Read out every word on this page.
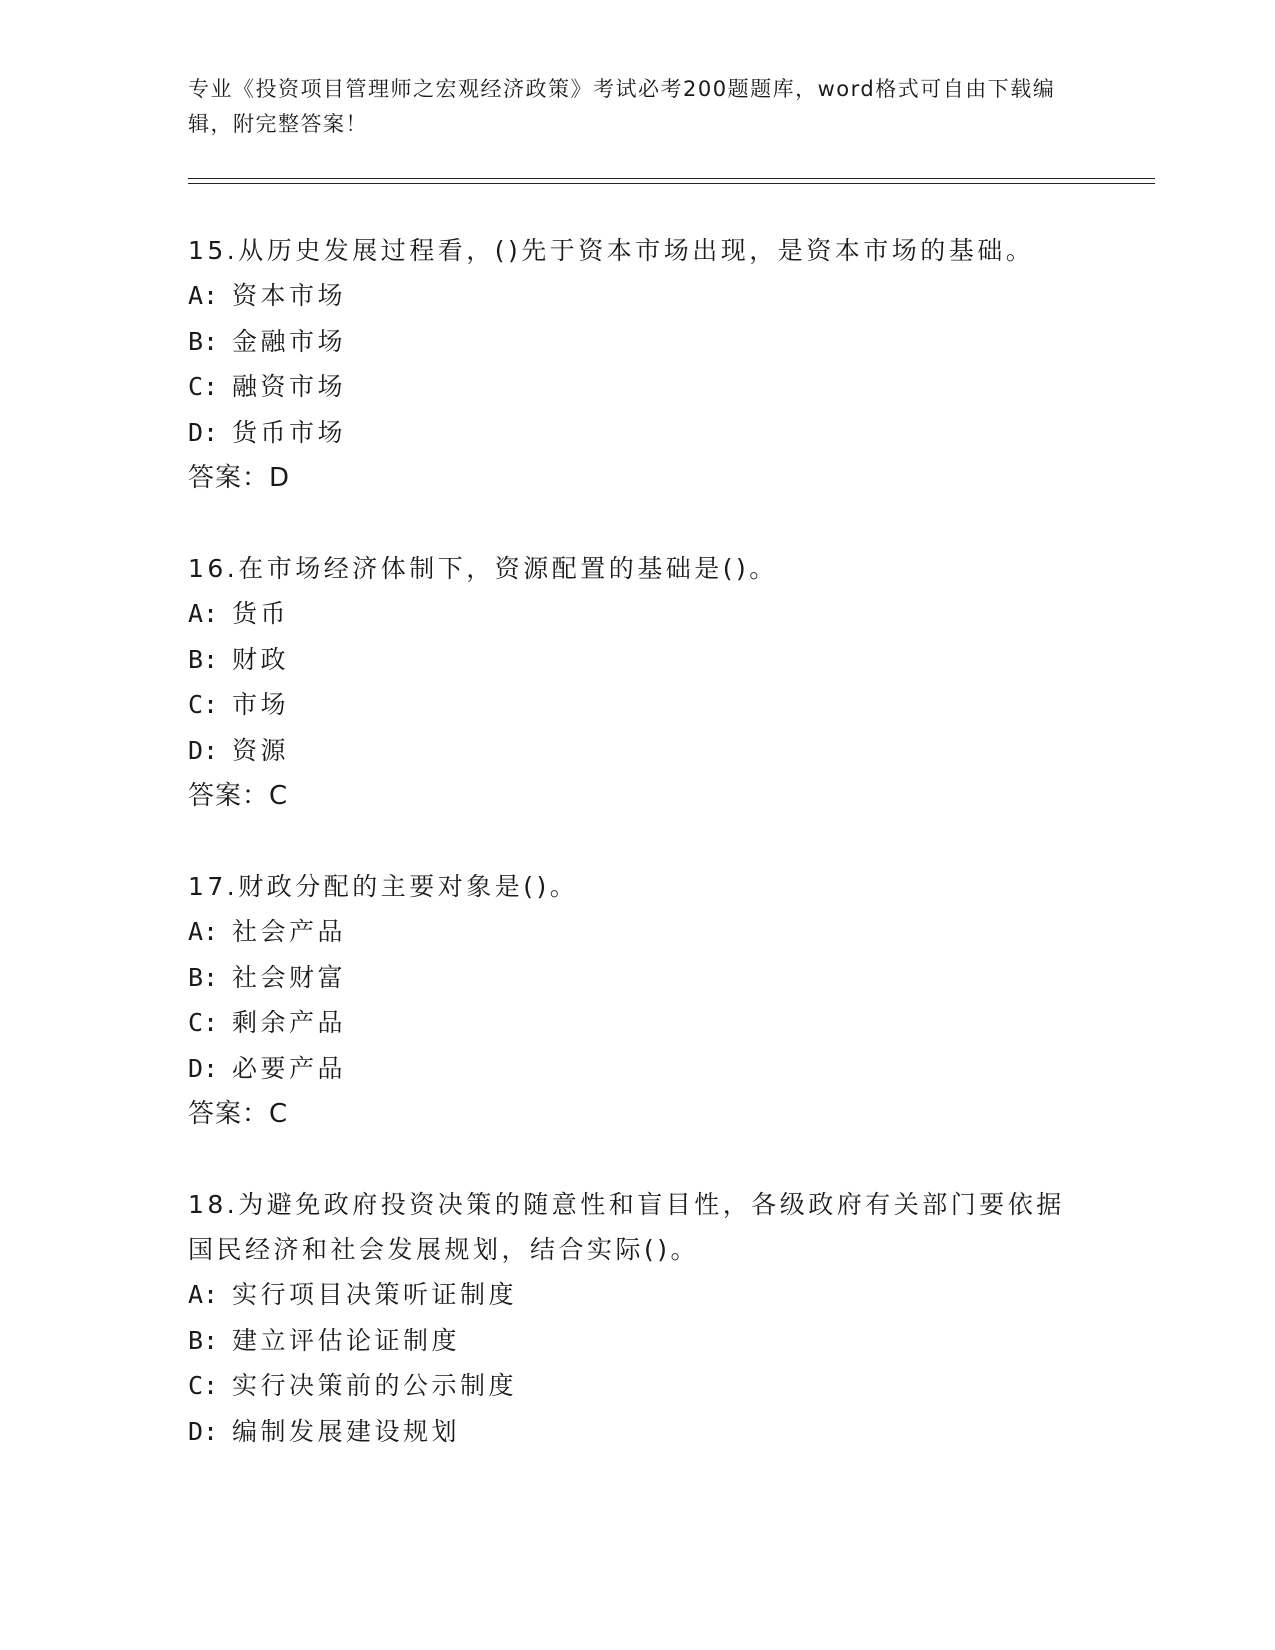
专业《投资项目管理师之宏观经济政策》考试必考200题题库，word格式可自由下载编辑，附完整答案！

15.从历史发展过程看，()先于资本市场出现，是资本市场的基础。

A: 资本市场

B: 金融市场

C: 融资市场

D: 货币市场

答案：D

16.在市场经济体制下，资源配置的基础是()。

A: 货币

B: 财政

C: 市场

D: 资源

答案：C

17.财政分配的主要对象是()。

A: 社会产品

B: 社会财富

C: 剩余产品

D: 必要产品

答案：C

18.为避免政府投资决策的随意性和盲目性，各级政府有关部门要依据国民经济和社会发展规划，结合实际()。

A: 实行项目决策听证制度

B: 建立评估论证制度

C: 实行决策前的公示制度

D: 编制发展建设规划
